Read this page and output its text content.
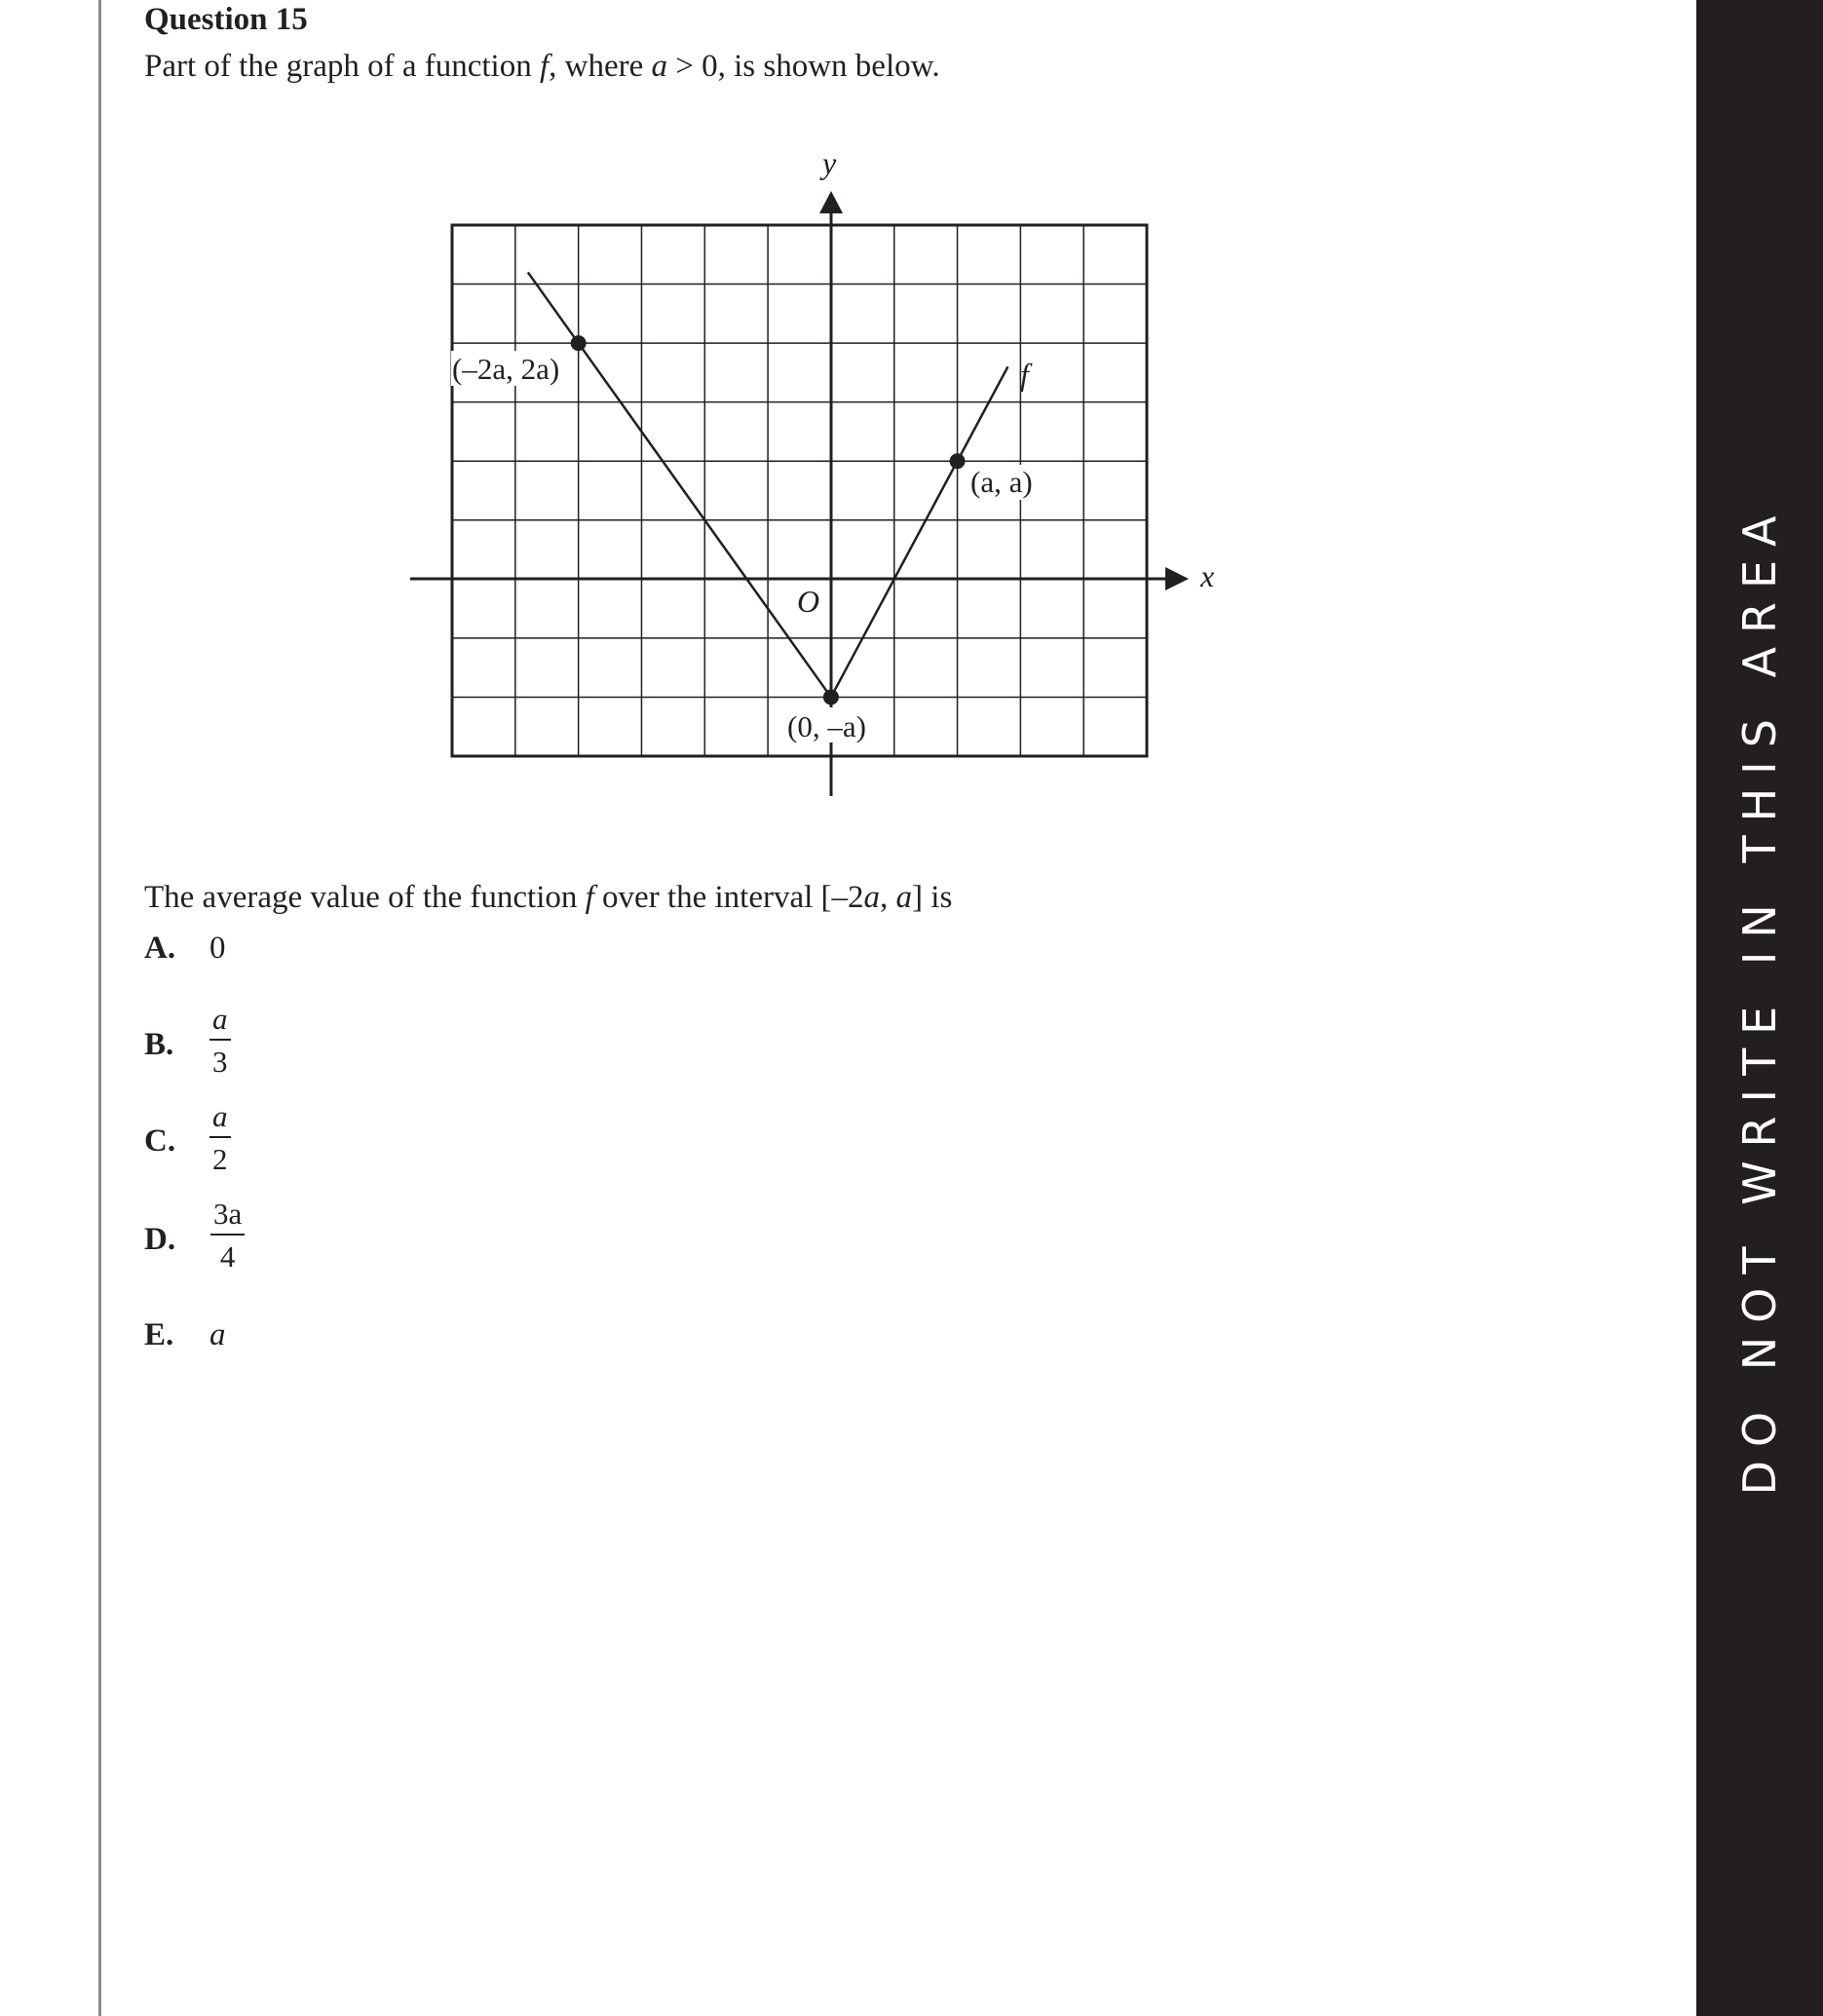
Question 15
Part of the graph of a function f, where a > 0, is shown below.
(–2a, 2a)
(a, a)
(0, –a)
f
O
x
y
The average value of the function f over the interval [–2a, a] is
A. 0
B. $\frac{a}{3}$
C. $\frac{a}{2}$
D. $\frac{3a}{4}$
E. a	DO NOT WRITE IN THIS AREA
